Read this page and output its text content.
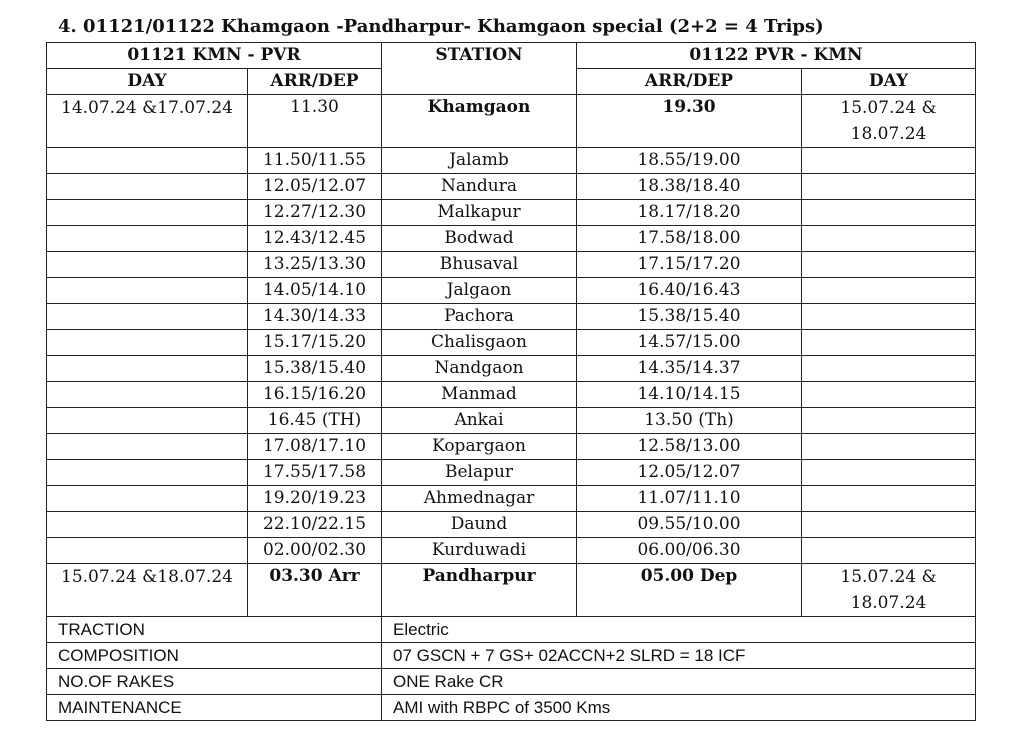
4. 01121/01122 Khamgaon -Pandharpur- Khamgaon special (2+2 = 4 Trips)
01121 KMN - PVR		STATION	01122 PVR - KMN	
DAY	ARR/DEP		ARR/DEP	DAY
14.07.24 &17.07.24	11.30	Khamgaon	19.30	15.07.24 & 18.07.24
	11.50/11.55	Jalamb	18.55/19.00	
	12.05/12.07	Nandura	18.38/18.40	
	12.27/12.30	Malkapur	18.17/18.20	
	12.43/12.45	Bodwad	17.58/18.00	
	13.25/13.30	Bhusaval	17.15/17.20	
	14.05/14.10	Jalgaon	16.40/16.43	
	14.30/14.33	Pachora	15.38/15.40	
	15.17/15.20	Chalisgaon	14.57/15.00	
	15.38/15.40	Nandgaon	14.35/14.37	
	16.15/16.20	Manmad	14.10/14.15	
	16.45 (TH)	Ankai	13.50 (Th)	
	17.08/17.10	Kopargaon	12.58/13.00	
	17.55/17.58	Belapur	12.05/12.07	
	19.20/19.23	Ahmednagar	11.07/11.10	
	22.10/22.15	Daund	09.55/10.00	
	02.00/02.30	Kurduwadi	06.00/06.30	
15.07.24 &18.07.24	03.30 Arr	Pandharpur	05.00 Dep	15.07.24 & 18.07.24
TRACTION		Electric		
COMPOSITION		07 GSCN + 7 GS+ 02ACCN+2 SLRD = 18 ICF		
NO.OF RAKES		ONE Rake CR		
MAINTENANCE		AMI with RBPC of 3500 Kms		
